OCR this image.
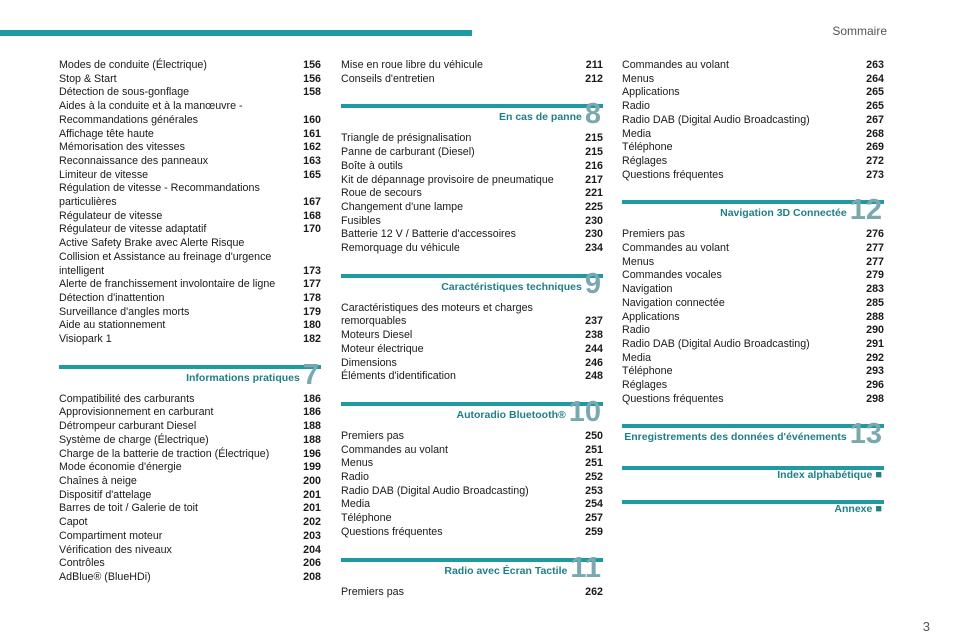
Sommaire
Modes de conduite (Électrique)	156
Stop & Start	156
Détection de sous-gonflage	158
Aides à la conduite et à la manœuvre - Recommandations générales	160
Affichage tête haute	161
Mémorisation des vitesses	162
Reconnaissance des panneaux	163
Limiteur de vitesse	165
Régulation de vitesse - Recommandations particulières	167
Régulateur de vitesse	168
Régulateur de vitesse adaptatif	170
Active Safety Brake avec Alerte Risque
Collision et Assistance au freinage d'urgence intelligent	173
Alerte de franchissement involontaire de ligne	177
Détection d'inattention	178
Surveillance d'angles morts	179
Aide au stationnement	180
Visiopark 1	182
Informations pratiques 7
Compatibilité des carburants	186
Approvisionnement en carburant	186
Détrompeur carburant Diesel	188
Système de charge (Électrique)	188
Charge de la batterie de traction (Électrique)	196
Mode économie d'énergie	199
Chaînes à neige	200
Dispositif d'attelage	201
Barres de toit / Galerie de toit	201
Capot	202
Compartiment moteur	203
Vérification des niveaux	204
Contrôles	206
AdBlue® (BlueHDi)	208
Mise en roue libre du véhicule	211
Conseils d'entretien	212
En cas de panne 8
Triangle de présignalisation	215
Panne de carburant (Diesel)	215
Boîte à outils	216
Kit de dépannage provisoire de pneumatique	217
Roue de secours	221
Changement d'une lampe	225
Fusibles	230
Batterie 12 V / Batterie d'accessoires	230
Remorquage du véhicule	234
Caractéristiques techniques 9
Caractéristiques des moteurs et charges remorquables	237
Moteurs Diesel	238
Moteur électrique	244
Dimensions	246
Éléments d'identification	248
Autoradio Bluetooth® 10
Premiers pas	250
Commandes au volant	251
Menus	251
Radio	252
Radio DAB (Digital Audio Broadcasting)	253
Media	254
Téléphone	257
Questions fréquentes	259
Radio avec Écran Tactile 11
Premiers pas	262
Commandes au volant	263
Menus	264
Applications	265
Radio	265
Radio DAB (Digital Audio Broadcasting)	267
Media	268
Téléphone	269
Réglages	272
Questions fréquentes	273
Navigation 3D Connectée 12
Premiers pas	276
Commandes au volant	277
Menus	277
Commandes vocales	279
Navigation	283
Navigation connectée	285
Applications	288
Radio	290
Radio DAB (Digital Audio Broadcasting)	291
Media	292
Téléphone	293
Réglages	296
Questions fréquentes	298
Enregistrements des données d'événements 13
Index alphabétique ■
Annexe ■
3
